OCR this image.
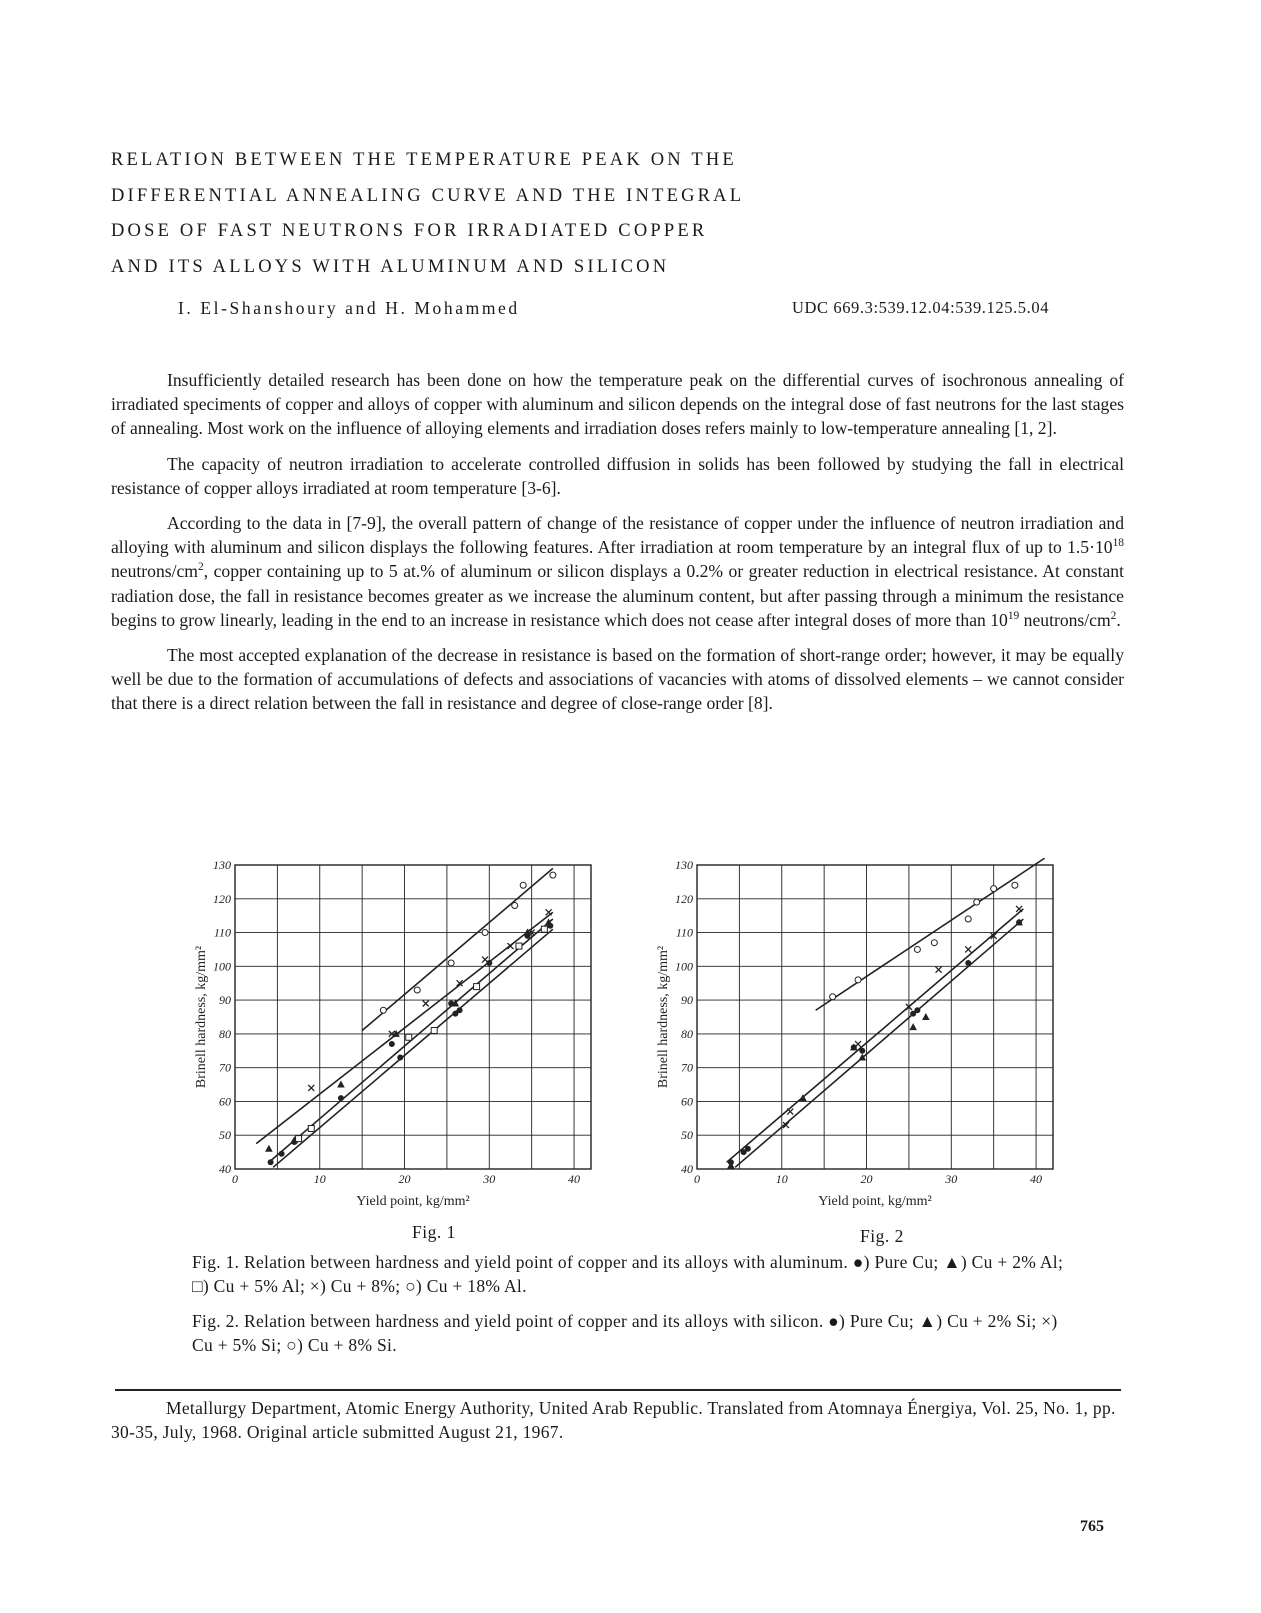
RELATION BETWEEN THE TEMPERATURE PEAK ON THE
DIFFERENTIAL ANNEALING CURVE AND THE INTEGRAL
DOSE OF FAST NEUTRONS FOR IRRADIATED COPPER
AND ITS ALLOYS WITH ALUMINUM AND SILICON
I. El-Shanshoury and H. Mohammed	UDC 669.3:539.12.04:539.125.5.04

Insufficiently detailed research has been done on how the temperature peak on the differential curves of isochronous annealing of irradiated speciments of copper and alloys of copper with aluminum and silicon depends on the integral dose of fast neutrons for the last stages of annealing. Most work on the influence of alloying elements and irradiation doses refers mainly to low-temperature annealing [1, 2].

The capacity of neutron irradiation to accelerate controlled diffusion in solids has been followed by studying the fall in electrical resistance of copper alloys irradiated at room temperature [3-6].

According to the data in [7-9], the overall pattern of change of the resistance of copper under the influence of neutron irradiation and alloying with aluminum and silicon displays the following features. After irradiation at room temperature by an integral flux of up to $1.5\cdot 10^{18}$ neutrons/$cm^2$, copper containing up to 5 at.% of aluminum or silicon displays a 0.2% or greater reduction in electrical resistance. At constant radiation dose, the fall in resistance becomes greater as we increase the aluminum content, but after passing through a minimum the resistance begins to grow linearly, leading in the end to an increase in resistance which does not cease after integral doses of more than $10^{19}$ neutrons/$cm^2$.

The most accepted explanation of the decrease in resistance is based on the formation of short-range order; however, it may be equally well be due to the formation of accumulations of defects and associations of vacancies with atoms of dissolved elements – we cannot consider that there is a direct relation between the fall in resistance and degree of close-range order [8].

40
50
60
70
80
90
100
110
120
130
0	10	20	30	40
Yield point, kg/mm²
Brinell hardness, kg/mm²
40
50
60
70
80
90
100
110
120
130
0	10	20	30	40
Yield point, kg/mm²
Brinell hardness, kg/mm²
Fig. 1	Fig. 2
Fig. 1. Relation between hardness and yield point of copper and its alloys with aluminum. ●) Pure Cu; ▲) Cu + 2% Al; □) Cu + 5% Al; ×) Cu + 8%; ○) Cu + 18% Al.
Fig. 2. Relation between hardness and yield point of copper and its alloys with silicon. ●) Pure Cu; ▲) Cu + 2% Si; ×) Cu + 5% Si; ○) Cu + 8% Si.
Metallurgy Department, Atomic Energy Authority, United Arab Republic. Translated from Atomnaya Énergiya, Vol. 25, No. 1, pp. 30-35, July, 1968. Original article submitted August 21, 1967.
765
